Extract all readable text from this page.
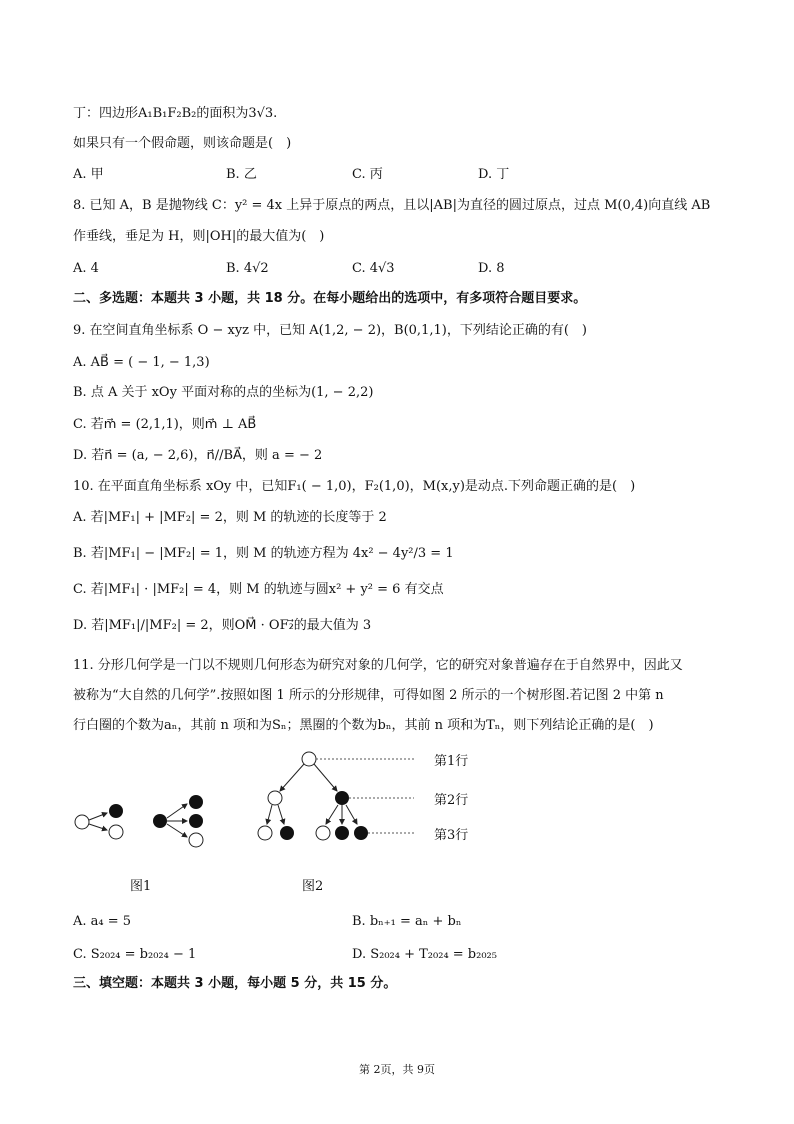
丁：四边形A₁B₁F₂B₂的面积为3√3.
如果只有一个假命题，则该命题是(　)
A. 甲	B. 乙	C. 丙	D. 丁
8. 已知 A，B 是抛物线 C：y² = 4x 上异于原点的两点，且以|AB|为直径的圆过原点，过点 M(0,4)向直线 AB
作垂线，垂足为 H，则|OH|的最大值为(　)
A. 4	B. 4√2	C. 4√3	D. 8
二、多选题：本题共 3 小题，共 18 分。在每小题给出的选项中，有多项符合题目要求。
9. 在空间直角坐标系 O − xyz 中，已知 A(1,2, − 2)，B(0,1,1)，下列结论正确的有(　)
A. AB⃗ = ( − 1, − 1,3)
B. 点 A 关于 xOy 平面对称的点的坐标为(1, − 2,2)
C. 若m⃗ = (2,1,1)，则m⃗ ⊥ AB⃗
D. 若n⃗ = (a, − 2,6)，n⃗//BA⃗，则 a = − 2
10. 在平面直角坐标系 xOy 中，已知F₁( − 1,0)，F₂(1,0)，M(x,y)是动点.下列命题正确的是(　)
A. 若|MF₁| + |MF₂| = 2，则 M 的轨迹的长度等于 2
B. 若|MF₁| − |MF₂| = 1，则 M 的轨迹方程为 4x² − 4y²/3 = 1
C. 若|MF₁| · |MF₂| = 4，则 M 的轨迹与圆x² + y² = 6 有交点
D. 若|MF₁|/|MF₂| = 2，则OM⃗ · OF₂⃗的最大值为 3
11. 分形几何学是一门以不规则几何形态为研究对象的几何学，它的研究对象普遍存在于自然界中，因此又
被称为“大自然的几何学”.按照如图 1 所示的分形规律，可得如图 2 所示的一个树形图.若记图 2 中第 n
行白圈的个数为aₙ，其前 n 项和为Sₙ；黑圈的个数为bₙ，其前 n 项和为Tₙ，则下列结论正确的是(　)
第1行
第2行
第3行
图1	图2
A. a₄ = 5	B. bₙ₊₁ = aₙ + bₙ
C. S₂₀₂₄ = b₂₀₂₄ − 1	D. S₂₀₂₄ + T₂₀₂₄ = b₂₀₂₅
三、填空题：本题共 3 小题，每小题 5 分，共 15 分。
第 2页，共 9页
